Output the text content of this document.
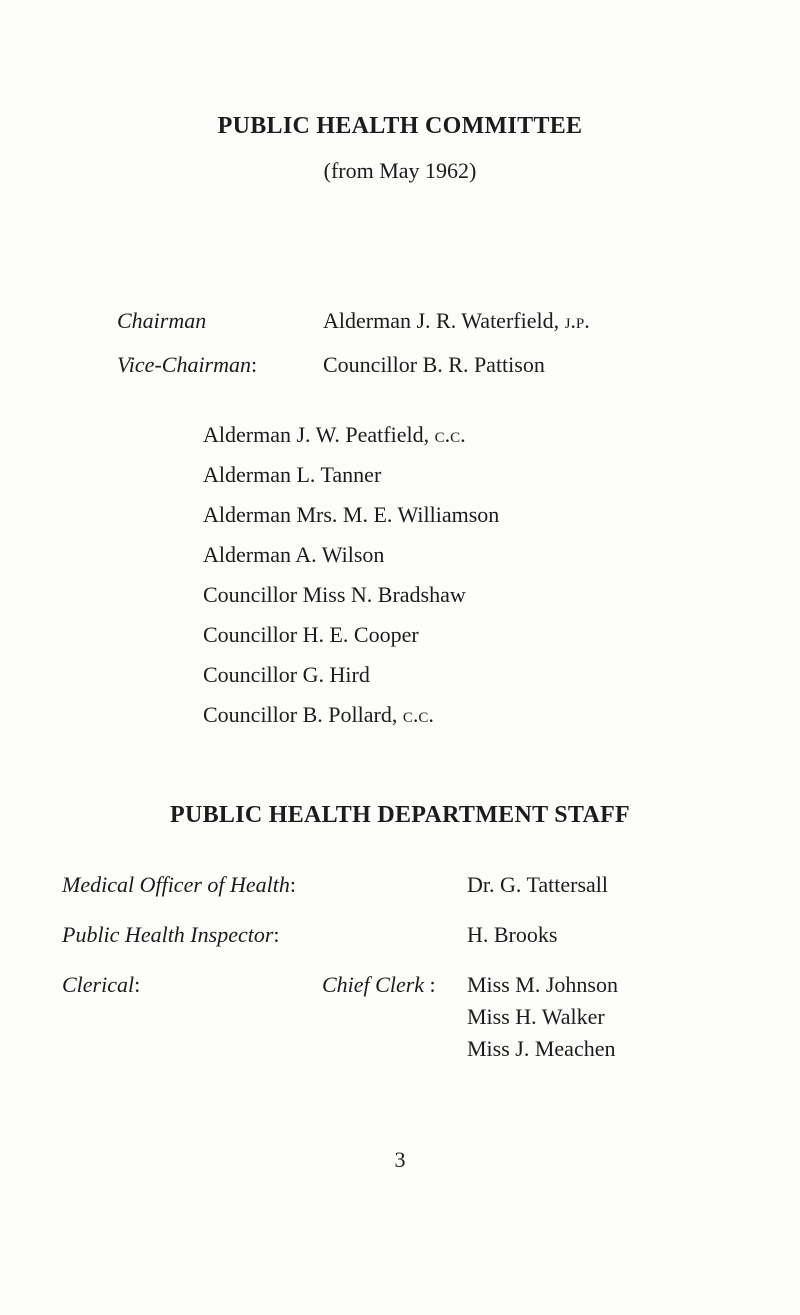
PUBLIC HEALTH COMMITTEE
(from May 1962)
Chairman	Alderman J. R. Waterfield, j.p.
Vice-Chairman:	Councillor B. R. Pattison
Alderman J. W. Peatfield, c.c.
Alderman L. Tanner
Alderman Mrs. M. E. Williamson
Alderman A. Wilson
Councillor Miss N. Bradshaw
Councillor H. E. Cooper
Councillor G. Hird
Councillor B. Pollard, c.c.
PUBLIC HEALTH DEPARTMENT STAFF
Medical Officer of Health:	Dr. G. Tattersall
Public Health Inspector:	H. Brooks
Clerical:	Chief Clerk : Miss M. Johnson
Miss H. Walker
Miss J. Meachen
3
